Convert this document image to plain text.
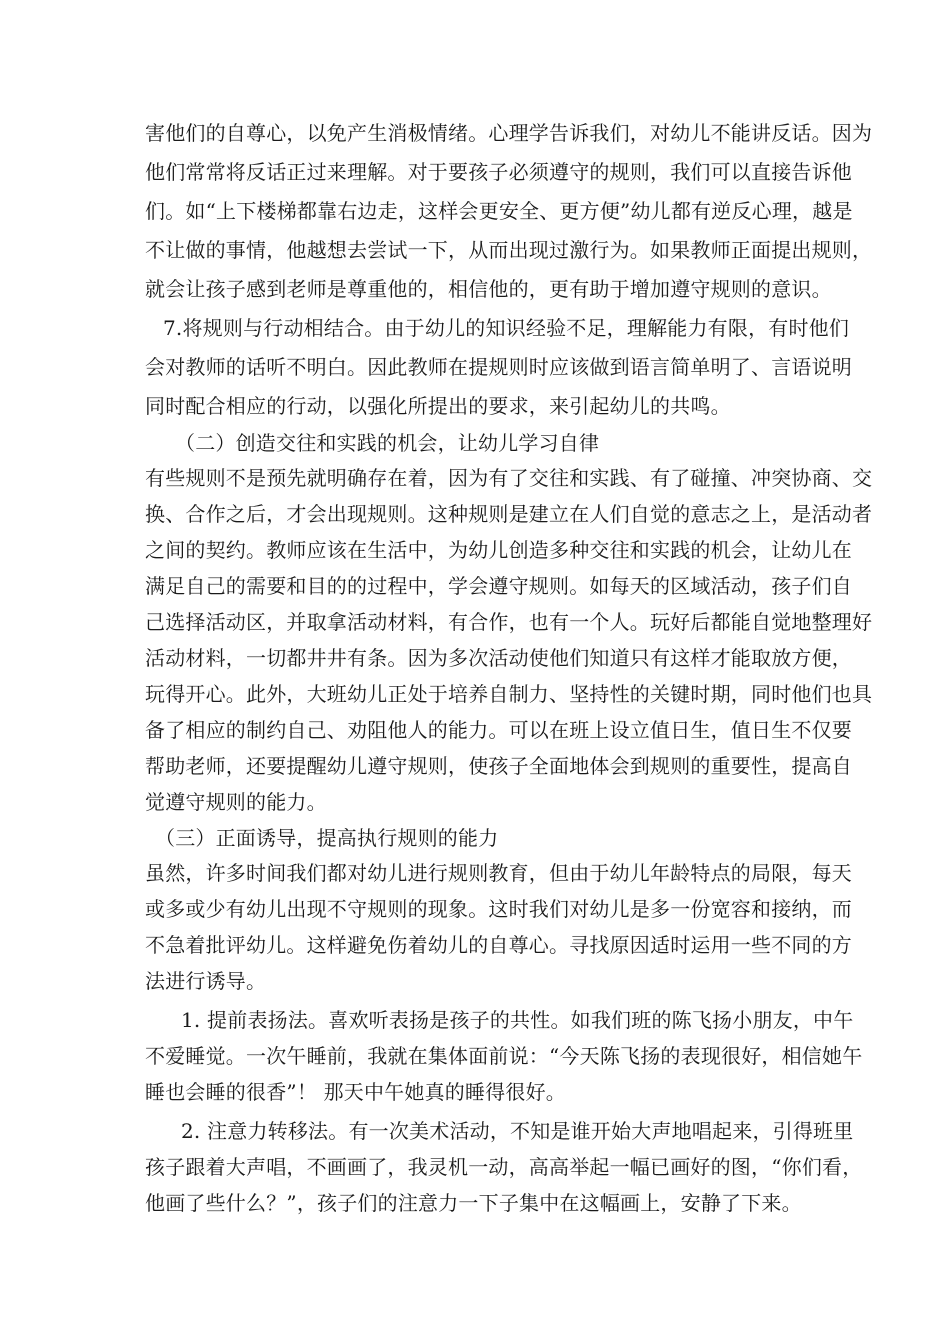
害他们的自尊心，以免产生消极情绪。心理学告诉我们，对幼儿不能讲反话。因为
他们常常将反话正过来理解。对于要孩子必须遵守的规则，我们可以直接告诉他
们。如“上下楼梯都靠右边走，这样会更安全、更方便”幼儿都有逆反心理，越是
不让做的事情，他越想去尝试一下，从而出现过激行为。如果教师正面提出规则，
就会让孩子感到老师是尊重他的，相信他的，更有助于增加遵守规则的意识。
7.将规则与行动相结合。由于幼儿的知识经验不足，理解能力有限，有时他们
会对教师的话听不明白。因此教师在提规则时应该做到语言简单明了、言语说明
同时配合相应的行动，以强化所提出的要求，来引起幼儿的共鸣。
（二）创造交往和实践的机会，让幼儿学习自律
有些规则不是预先就明确存在着，因为有了交往和实践、有了碰撞、冲突协商、交
换、合作之后，才会出现规则。这种规则是建立在人们自觉的意志之上，是活动者
之间的契约。教师应该在生活中，为幼儿创造多种交往和实践的机会，让幼儿在
满足自己的需要和目的的过程中，学会遵守规则。如每天的区域活动，孩子们自
己选择活动区，并取拿活动材料，有合作，也有一个人。玩好后都能自觉地整理好
活动材料，一切都井井有条。因为多次活动使他们知道只有这样才能取放方便，
玩得开心。此外，大班幼儿正处于培养自制力、坚持性的关键时期，同时他们也具
备了相应的制约自己、劝阻他人的能力。可以在班上设立值日生，值日生不仅要
帮助老师，还要提醒幼儿遵守规则，使孩子全面地体会到规则的重要性，提高自
觉遵守规则的能力。
（三）正面诱导，提高执行规则的能力
虽然，许多时间我们都对幼儿进行规则教育，但由于幼儿年龄特点的局限，每天
或多或少有幼儿出现不守规则的现象。这时我们对幼儿是多一份宽容和接纳，而
不急着批评幼儿。这样避免伤着幼儿的自尊心。寻找原因适时运用一些不同的方
法进行诱导。
1. 提前表扬法。喜欢听表扬是孩子的共性。如我们班的陈飞扬小朋友，中午
不爱睡觉。一次午睡前，我就在集体面前说：“今天陈飞扬的表现很好，相信她午
睡也会睡的很香”！ 那天中午她真的睡得很好。
2. 注意力转移法。有一次美术活动，不知是谁开始大声地唱起来，引得班里
孩子跟着大声唱，不画画了，我灵机一动，高高举起一幅已画好的图，“你们看，
他画了些什么？”，孩子们的注意力一下子集中在这幅画上，安静了下来。
